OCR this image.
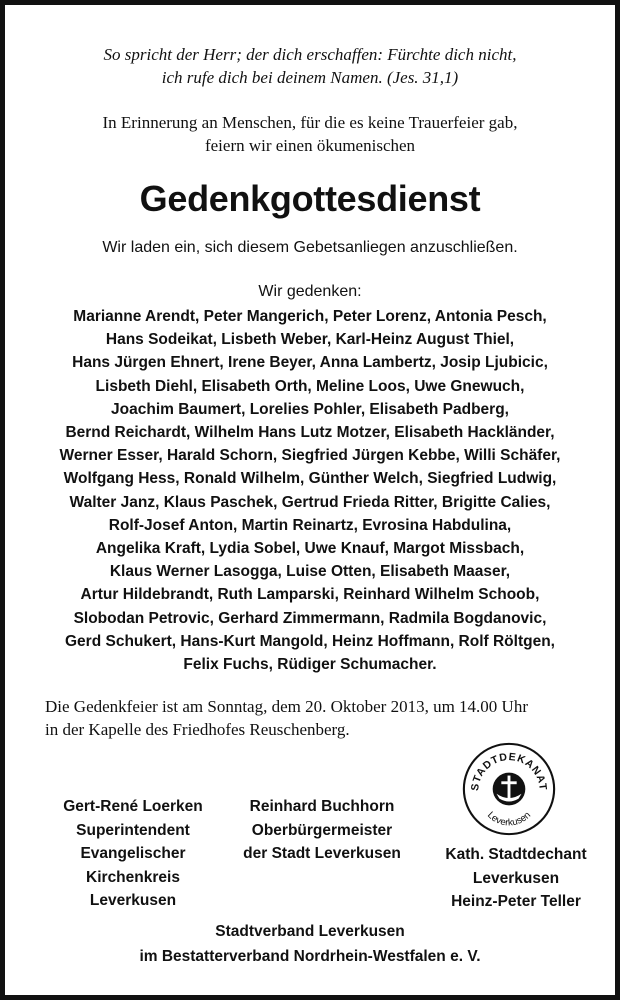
So spricht der Herr; der dich erschaffen: Fürchte dich nicht,
ich rufe dich bei deinem Namen. (Jes. 31,1)
In Erinnerung an Menschen, für die es keine Trauerfeier gab,
feiern wir einen ökumenischen
Gedenkgottesdienst
Wir laden ein, sich diesem Gebetsanliegen anzuschließen.
Wir gedenken:
Marianne Arendt, Peter Mangerich, Peter Lorenz, Antonia Pesch,
Hans Sodeikat, Lisbeth Weber, Karl-Heinz August Thiel,
Hans Jürgen Ehnert, Irene Beyer, Anna Lambertz, Josip Ljubicic,
Lisbeth Diehl, Elisabeth Orth, Meline Loos, Uwe Gnewuch,
Joachim Baumert, Lorelies Pohler, Elisabeth Padberg,
Bernd Reichardt, Wilhelm Hans Lutz Motzer, Elisabeth Hackländer,
Werner Esser, Harald Schorn, Siegfried Jürgen Kebbe, Willi Schäfer,
Wolfgang Hess, Ronald Wilhelm, Günther Welch, Siegfried Ludwig,
Walter Janz, Klaus Paschek, Gertrud Frieda Ritter, Brigitte Calies,
Rolf-Josef Anton, Martin Reinartz, Evrosina Habdulina,
Angelika Kraft, Lydia Sobel, Uwe Knauf, Margot Missbach,
Klaus Werner Lasogga, Luise Otten, Elisabeth Maaser,
Artur Hildebrandt, Ruth Lamparski, Reinhard Wilhelm Schoob,
Slobodan Petrovic, Gerhard Zimmermann, Radmila Bogdanovic,
Gerd Schukert, Hans-Kurt Mangold, Heinz Hoffmann, Rolf Röltgen,
Felix Fuchs, Rüdiger Schumacher.
Die Gedenkfeier ist am Sonntag, dem 20. Oktober 2013, um 14.00 Uhr
in der Kapelle des Friedhofes Reuschenberg.
Gert-René Loerken
Superintendent
Evangelischer
Kirchenkreis
Leverkusen
Reinhard Buchhorn
Oberbürgermeister
der Stadt Leverkusen
STADTDEKANAT
Leverkusen
Kath. Stadtdechant
Leverkusen
Heinz-Peter Teller
Stadtverband Leverkusen
im Bestatterverband Nordrhein-Westfalen e. V.
